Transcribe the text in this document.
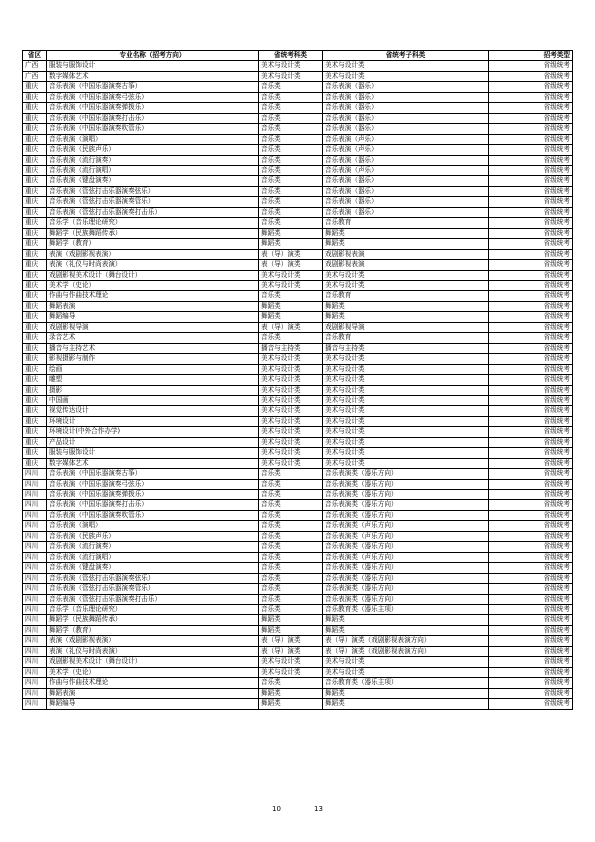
省区	专业名称（招考方向）	省统考科类	省统考子科类	招考类型
广西	服装与服饰设计	美术与设计类	美术与设计类	省级统考
广西	数字媒体艺术	美术与设计类	美术与设计类	省级统考
重庆	音乐表演（中国乐器演奏古筝）	音乐类	音乐表演（器乐）	省级统考
重庆	音乐表演（中国乐器演奏弓弦乐）	音乐类	音乐表演（器乐）	省级统考
重庆	音乐表演（中国乐器演奏弹拨乐）	音乐类	音乐表演（器乐）	省级统考
重庆	音乐表演（中国乐器演奏打击乐）	音乐类	音乐表演（器乐）	省级统考
重庆	音乐表演（中国乐器演奏吹管乐）	音乐类	音乐表演（器乐）	省级统考
重庆	音乐表演（演唱）	音乐类	音乐表演（声乐）	省级统考
重庆	音乐表演（民族声乐）	音乐类	音乐表演（声乐）	省级统考
重庆	音乐表演（流行演奏）	音乐类	音乐表演（器乐）	省级统考
重庆	音乐表演（流行演唱）	音乐类	音乐表演（声乐）	省级统考
重庆	音乐表演（键盘演奏）	音乐类	音乐表演（器乐）	省级统考
重庆	音乐表演（管弦打击乐器演奏弦乐）	音乐类	音乐表演（器乐）	省级统考
重庆	音乐表演（管弦打击乐器演奏管乐）	音乐类	音乐表演（器乐）	省级统考
重庆	音乐表演（管弦打击乐器演奏打击乐）	音乐类	音乐表演（器乐）	省级统考
重庆	音乐学（音乐理论研究）	音乐类	音乐教育	省级统考
重庆	舞蹈学（民族舞蹈传承）	舞蹈类	舞蹈类	省级统考
重庆	舞蹈学（教育）	舞蹈类	舞蹈类	省级统考
重庆	表演（戏剧影视表演）	表（导）演类	戏剧影视表演	省级统考
重庆	表演（礼仪与时尚表演）	表（导）演类	戏剧影视表演	省级统考
重庆	戏剧影视美术设计（舞台设计）	美术与设计类	美术与设计类	省级统考
重庆	美术学（史论）	美术与设计类	美术与设计类	省级统考
重庆	作曲与作曲技术理论	音乐类	音乐教育	省级统考
重庆	舞蹈表演	舞蹈类	舞蹈类	省级统考
重庆	舞蹈编导	舞蹈类	舞蹈类	省级统考
重庆	戏剧影视导演	表（导）演类	戏剧影视导演	省级统考
重庆	录音艺术	音乐类	音乐教育	省级统考
重庆	播音与主持艺术	播音与主持类	播音与主持类	省级统考
重庆	影视摄影与制作	美术与设计类	美术与设计类	省级统考
重庆	绘画	美术与设计类	美术与设计类	省级统考
重庆	雕塑	美术与设计类	美术与设计类	省级统考
重庆	摄影	美术与设计类	美术与设计类	省级统考
重庆	中国画	美术与设计类	美术与设计类	省级统考
重庆	视觉传达设计	美术与设计类	美术与设计类	省级统考
重庆	环境设计	美术与设计类	美术与设计类	省级统考
重庆	环境设计(中外合作办学)	美术与设计类	美术与设计类	省级统考
重庆	产品设计	美术与设计类	美术与设计类	省级统考
重庆	服装与服饰设计	美术与设计类	美术与设计类	省级统考
重庆	数字媒体艺术	美术与设计类	美术与设计类	省级统考
四川	音乐表演（中国乐器演奏古筝）	音乐类	音乐表演类（器乐方向）	省级统考
四川	音乐表演（中国乐器演奏弓弦乐）	音乐类	音乐表演类（器乐方向）	省级统考
四川	音乐表演（中国乐器演奏弹拨乐）	音乐类	音乐表演类（器乐方向）	省级统考
四川	音乐表演（中国乐器演奏打击乐）	音乐类	音乐表演类（器乐方向）	省级统考
四川	音乐表演（中国乐器演奏吹管乐）	音乐类	音乐表演类（器乐方向）	省级统考
四川	音乐表演（演唱）	音乐类	音乐表演类（声乐方向）	省级统考
四川	音乐表演（民族声乐）	音乐类	音乐表演类（声乐方向）	省级统考
四川	音乐表演（流行演奏）	音乐类	音乐表演类（器乐方向）	省级统考
四川	音乐表演（流行演唱）	音乐类	音乐表演类（声乐方向）	省级统考
四川	音乐表演（键盘演奏）	音乐类	音乐表演类（器乐方向）	省级统考
四川	音乐表演（管弦打击乐器演奏弦乐）	音乐类	音乐表演类（器乐方向）	省级统考
四川	音乐表演（管弦打击乐器演奏管乐）	音乐类	音乐表演类（器乐方向）	省级统考
四川	音乐表演（管弦打击乐器演奏打击乐）	音乐类	音乐表演类（器乐方向）	省级统考
四川	音乐学（音乐理论研究）	音乐类	音乐教育类（器乐主项）	省级统考
四川	舞蹈学（民族舞蹈传承）	舞蹈类	舞蹈类	省级统考
四川	舞蹈学（教育）	舞蹈类	舞蹈类	省级统考
四川	表演（戏剧影视表演）	表（导）演类	表（导）演类（戏剧影视表演方向）	省级统考
四川	表演（礼仪与时尚表演）	表（导）演类	表（导）演类（戏剧影视表演方向）	省级统考
四川	戏剧影视美术设计（舞台设计）	美术与设计类	美术与设计类	省级统考
四川	美术学（史论）	美术与设计类	美术与设计类	省级统考
四川	作曲与作曲技术理论	音乐类	音乐教育类（器乐主项）	省级统考
四川	舞蹈表演	舞蹈类	舞蹈类	省级统考
四川	舞蹈编导	舞蹈类	舞蹈类	省级统考
10	13
